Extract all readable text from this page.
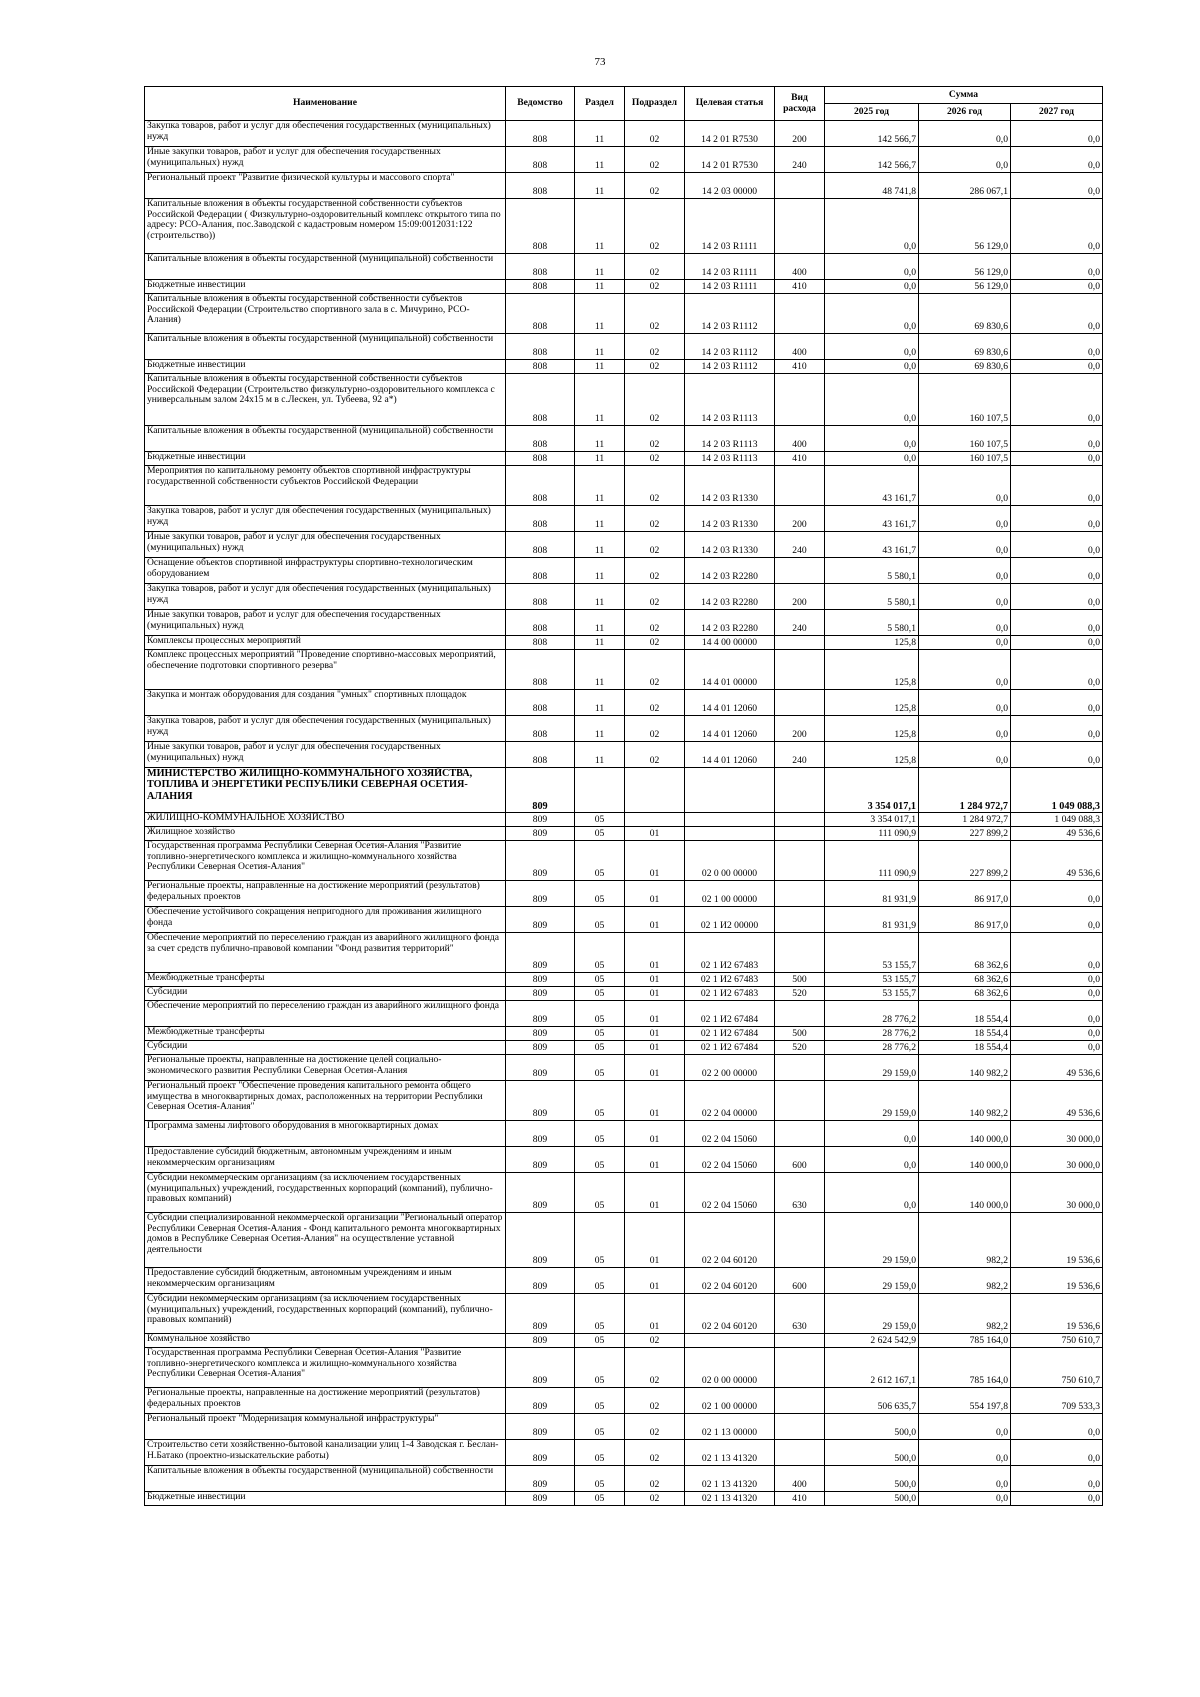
73
Наименование	Ведомство	Раздел	Подраздел	Целевая статья	Вид расхода	Сумма		
						2025 год	2026 год	2027 год
Закупка товаров, работ и услуг для обеспечения государственных (муниципальных) нужд	808	11	02	14 2 01 R7530	200	142 566,7	0,0	0,0
Иные закупки товаров, работ и услуг для обеспечения государственных (муниципальных) нужд	808	11	02	14 2 01 R7530	240	142 566,7	0,0	0,0
Региональный проект "Развитие физической культуры и массового спорта"	808	11	02	14 2 03 00000		48 741,8	286 067,1	0,0
Капитальные вложения в объекты государственной собственности субъектов Российской Федерации ( Физкультурно-оздоровительный комплекс открытого типа по адресу: РСО-Алания, пос.Заводской с кадастровым номером 15:09:0012031:122 (строительство))	808	11	02	14 2 03 R1111		0,0	56 129,0	0,0
Капитальные вложения в объекты государственной (муниципальной) собственности	808	11	02	14 2 03 R1111	400	0,0	56 129,0	0,0
Бюджетные инвестиции	808	11	02	14 2 03 R1111	410	0,0	56 129,0	0,0
Капитальные вложения в объекты государственной собственности субъектов Российской Федерации (Строительство спортивного зала в с. Мичурино, РСО-Алания)	808	11	02	14 2 03 R1112		0,0	69 830,6	0,0
Капитальные вложения в объекты государственной (муниципальной) собственности	808	11	02	14 2 03 R1112	400	0,0	69 830,6	0,0
Бюджетные инвестиции	808	11	02	14 2 03 R1112	410	0,0	69 830,6	0,0
Капитальные вложения в объекты государственной собственности субъектов Российской Федерации (Строительство физкультурно-оздоровительного комплекса с универсальным залом 24х15 м в с.Лескен, ул. Тубеева, 92 а*)	808	11	02	14 2 03 R1113		0,0	160 107,5	0,0
Капитальные вложения в объекты государственной (муниципальной) собственности	808	11	02	14 2 03 R1113	400	0,0	160 107,5	0,0
Бюджетные инвестиции	808	11	02	14 2 03 R1113	410	0,0	160 107,5	0,0
Мероприятия по капитальному ремонту объектов спортивной инфраструктуры государственной собственности субъектов Российской Федерации	808	11	02	14 2 03 R1330		43 161,7	0,0	0,0
Закупка товаров, работ и услуг для обеспечения государственных (муниципальных) нужд	808	11	02	14 2 03 R1330	200	43 161,7	0,0	0,0
Иные закупки товаров, работ и услуг для обеспечения государственных (муниципальных) нужд	808	11	02	14 2 03 R1330	240	43 161,7	0,0	0,0
Оснащение объектов спортивной инфраструктуры спортивно-технологическим оборудованием	808	11	02	14 2 03 R2280		5 580,1	0,0	0,0
Закупка товаров, работ и услуг для обеспечения государственных (муниципальных) нужд	808	11	02	14 2 03 R2280	200	5 580,1	0,0	0,0
Иные закупки товаров, работ и услуг для обеспечения государственных (муниципальных) нужд	808	11	02	14 2 03 R2280	240	5 580,1	0,0	0,0
Комплексы процессных мероприятий	808	11	02	14 4 00 00000		125,8	0,0	0,0
Комплекс процессных мероприятий "Проведение спортивно-массовых мероприятий, обеспечение подготовки спортивного резерва"	808	11	02	14 4 01 00000		125,8	0,0	0,0
Закупка и монтаж оборудования для создания "умных" спортивных площадок	808	11	02	14 4 01 12060		125,8	0,0	0,0
Закупка товаров, работ и услуг для обеспечения государственных (муниципальных) нужд	808	11	02	14 4 01 12060	200	125,8	0,0	0,0
Иные закупки товаров, работ и услуг для обеспечения государственных (муниципальных) нужд	808	11	02	14 4 01 12060	240	125,8	0,0	0,0
МИНИСТЕРСТВО ЖИЛИЩНО-КОММУНАЛЬНОГО ХОЗЯЙСТВА, ТОПЛИВА И ЭНЕРГЕТИКИ РЕСПУБЛИКИ СЕВЕРНАЯ ОСЕТИЯ-АЛАНИЯ	809					3 354 017,1	1 284 972,7	1 049 088,3
ЖИЛИЩНО-КОММУНАЛЬНОЕ ХОЗЯЙСТВО	809	05				3 354 017,1	1 284 972,7	1 049 088,3
Жилищное хозяйство	809	05	01			111 090,9	227 899,2	49 536,6
Государственная программа Республики Северная Осетия-Алания "Развитие топливно-энергетического комплекса и жилищно-коммунального хозяйства Республики Северная Осетия-Алания"	809	05	01	02 0 00 00000		111 090,9	227 899,2	49 536,6
Региональные проекты, направленные на достижение мероприятий (результатов) федеральных проектов	809	05	01	02 1 00 00000		81 931,9	86 917,0	0,0
Обеспечение устойчивого сокращения непригодного для проживания жилищного фонда	809	05	01	02 1 И2 00000		81 931,9	86 917,0	0,0
Обеспечение мероприятий по переселению граждан из аварийного жилищного фонда за счет средств публично-правовой компании "Фонд развития территорий"	809	05	01	02 1 И2 67483		53 155,7	68 362,6	0,0
Межбюджетные трансферты	809	05	01	02 1 И2 67483	500	53 155,7	68 362,6	0,0
Субсидии	809	05	01	02 1 И2 67483	520	53 155,7	68 362,6	0,0
Обеспечение мероприятий по переселению граждан из аварийного жилищного фонда	809	05	01	02 1 И2 67484		28 776,2	18 554,4	0,0
Межбюджетные трансферты	809	05	01	02 1 И2 67484	500	28 776,2	18 554,4	0,0
Субсидии	809	05	01	02 1 И2 67484	520	28 776,2	18 554,4	0,0
Региональные проекты, направленные на достижение целей социально-экономического развития Республики Северная Осетия-Алания	809	05	01	02 2 00 00000		29 159,0	140 982,2	49 536,6
Региональный проект "Обеспечение проведения капитального ремонта общего имущества в многоквартирных домах, расположенных на территории Республики Северная Осетия-Алания"	809	05	01	02 2 04 00000		29 159,0	140 982,2	49 536,6
Программа замены лифтового оборудования в многоквартирных домах	809	05	01	02 2 04 15060		0,0	140 000,0	30 000,0
Предоставление субсидий бюджетным, автономным учреждениям и иным некоммерческим организациям	809	05	01	02 2 04 15060	600	0,0	140 000,0	30 000,0
Субсидии некоммерческим организациям (за исключением государственных (муниципальных) учреждений, государственных корпораций (компаний), публично-правовых компаний)	809	05	01	02 2 04 15060	630	0,0	140 000,0	30 000,0
Субсидии специализированной некоммерческой организации "Региональный оператор Республики Северная Осетия-Алания - Фонд капитального ремонта многоквартирных домов в Республике Северная Осетия-Алания" на осуществление уставной деятельности	809	05	01	02 2 04 60120		29 159,0	982,2	19 536,6
Предоставление субсидий бюджетным, автономным учреждениям и иным некоммерческим организациям	809	05	01	02 2 04 60120	600	29 159,0	982,2	19 536,6
Субсидии некоммерческим организациям (за исключением государственных (муниципальных) учреждений, государственных корпораций (компаний), публично-правовых компаний)	809	05	01	02 2 04 60120	630	29 159,0	982,2	19 536,6
Коммунальное хозяйство	809	05	02			2 624 542,9	785 164,0	750 610,7
Государственная программа Республики Северная Осетия-Алания "Развитие топливно-энергетического комплекса и жилищно-коммунального хозяйства Республики Северная Осетия-Алания"	809	05	02	02 0 00 00000		2 612 167,1	785 164,0	750 610,7
Региональные проекты, направленные на достижение мероприятий (результатов) федеральных проектов	809	05	02	02 1 00 00000		506 635,7	554 197,8	709 533,3
Региональный проект "Модернизация коммунальной инфраструктуры"	809	05	02	02 1 13 00000		500,0	0,0	0,0
Строительство сети хозяйственно-бытовой канализации улиц 1-4 Заводская г. Беслан-Н.Батако (проектно-изыскательские работы)	809	05	02	02 1 13 41320		500,0	0,0	0,0
Капитальные вложения в объекты государственной (муниципальной) собственности	809	05	02	02 1 13 41320	400	500,0	0,0	0,0
Бюджетные инвестиции	809	05	02	02 1 13 41320	410	500,0	0,0	0,0
